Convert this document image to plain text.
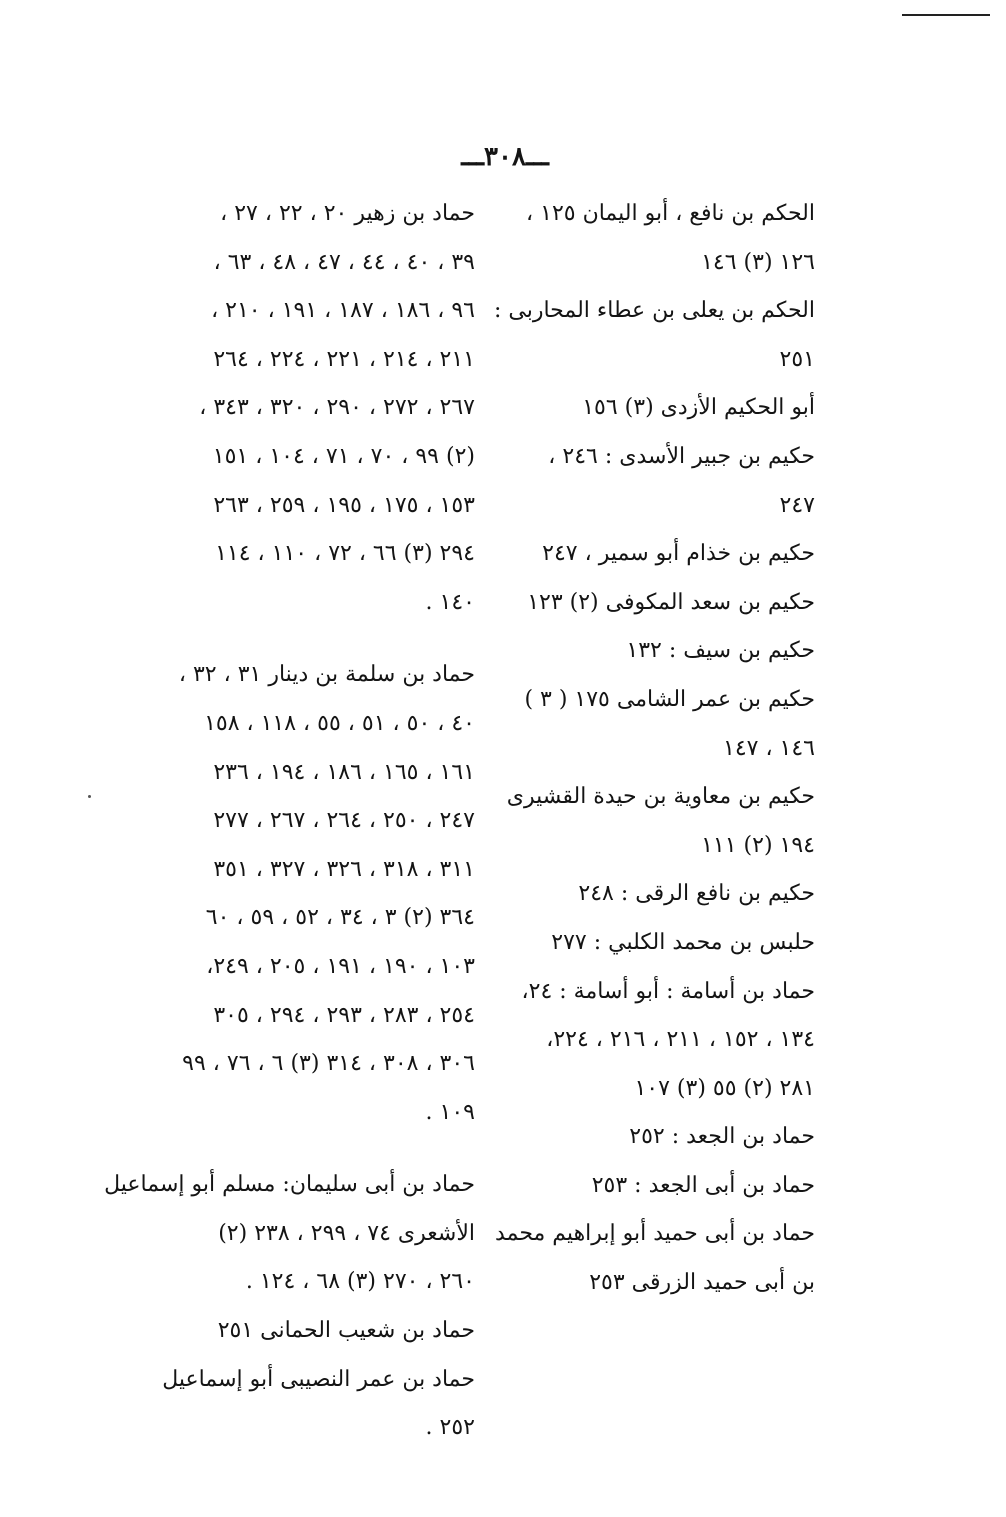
ـــ٣٠٨ـــ
الحكم بن نافع ، أبو اليمان ١٢٥ ،
١٢٦ (٣) ١٤٦
الحكم بن يعلى بن عطاء المحاربى :
٢٥١
أبو الحكيم الأزدى (٣) ١٥٦
حكيم بن جبير الأسدى : ٢٤٦ ،
٢٤٧
حكيم بن خذام أبو سمير ، ٢٤٧
حكيم بن سعد المكوفى (٢) ١٢٣
حكيم بن سيف : ١٣٢
حكيم بن عمر الشامى ١٧٥ ( ٣ )
١٤٦ ، ١٤٧
حكيم بن معاوية بن حيدة القشيرى
١٩٤ (٢) ١١١
حكيم بن نافع الرقى : ٢٤٨
حلبس بن محمد الكلبي : ٢٧٧
حماد بن أسامة : أبو أسامة : ٢٤،
١٣٤ ، ١٥٢ ، ٢١١ ، ٢١٦ ، ٢٢٤،
٢٨١ (٢) ٥٥ (٣) ١٠٧
حماد بن الجعد : ٢٥٢
حماد بن أبى الجعد : ٢٥٣
حماد بن أبى حميد أبو إبراهيم محمد
بن أبى حميد الزرقى ٢٥٣
حماد بن زهير ٢٠ ، ٢٢ ، ٢٧ ،
٣٩ ، ٤٠ ، ٤٤ ، ٤٧ ، ٤٨ ، ٦٣ ،
٩٦ ، ١٨٦ ، ١٨٧ ، ١٩١ ، ٢١٠ ،
٢١١ ، ٢١٤ ، ٢٢١ ، ٢٢٤ ، ٢٦٤
٢٦٧ ، ٢٧٢ ، ٢٩٠ ، ٣٢٠ ، ٣٤٣ ،
(٢) ٩٩ ، ٧٠ ، ٧١ ، ١٠٤ ، ١٥١
١٥٣ ، ١٧٥ ، ١٩٥ ، ٢٥٩ ، ٢٦٣
٢٩٤ (٣) ٦٦ ، ٧٢ ، ١١٠ ، ١١٤
١٤٠ .
حماد بن سلمة بن دينار ٣١ ، ٣٢ ،
٤٠ ، ٥٠ ، ٥١ ، ٥٥ ، ١١٨ ، ١٥٨
١٦١ ، ١٦٥ ، ١٨٦ ، ١٩٤ ، ٢٣٦
٢٤٧ ، ٢٥٠ ، ٢٦٤ ، ٢٦٧ ، ٢٧٧
٣١١ ، ٣١٨ ، ٣٢٦ ، ٣٢٧ ، ٣٥١
٣٦٤ (٢) ٣ ، ٣٤ ، ٥٢ ، ٥٩ ، ٦٠
١٠٣ ، ١٩٠ ، ١٩١ ، ٢٠٥ ، ٢٤٩،
٢٥٤ ، ٢٨٣ ، ٢٩٣ ، ٢٩٤ ، ٣٠٥
٣٠٦ ، ٣٠٨ ، ٣١٤ (٣) ٦ ، ٧٦ ، ٩٩
١٠٩ .
حماد بن أبى سليمان: مسلم أبو إسماعيل
الأشعرى ٧٤ ، ٢٩٩ ، ٢٣٨ (٢)
٢٦٠ ، ٢٧٠ (٣) ٦٨ ، ١٢٤ .
حماد بن شعيب الحمانى ٢٥١
حماد بن عمر النصيبى أبو إسماعيل
٢٥٢ .
